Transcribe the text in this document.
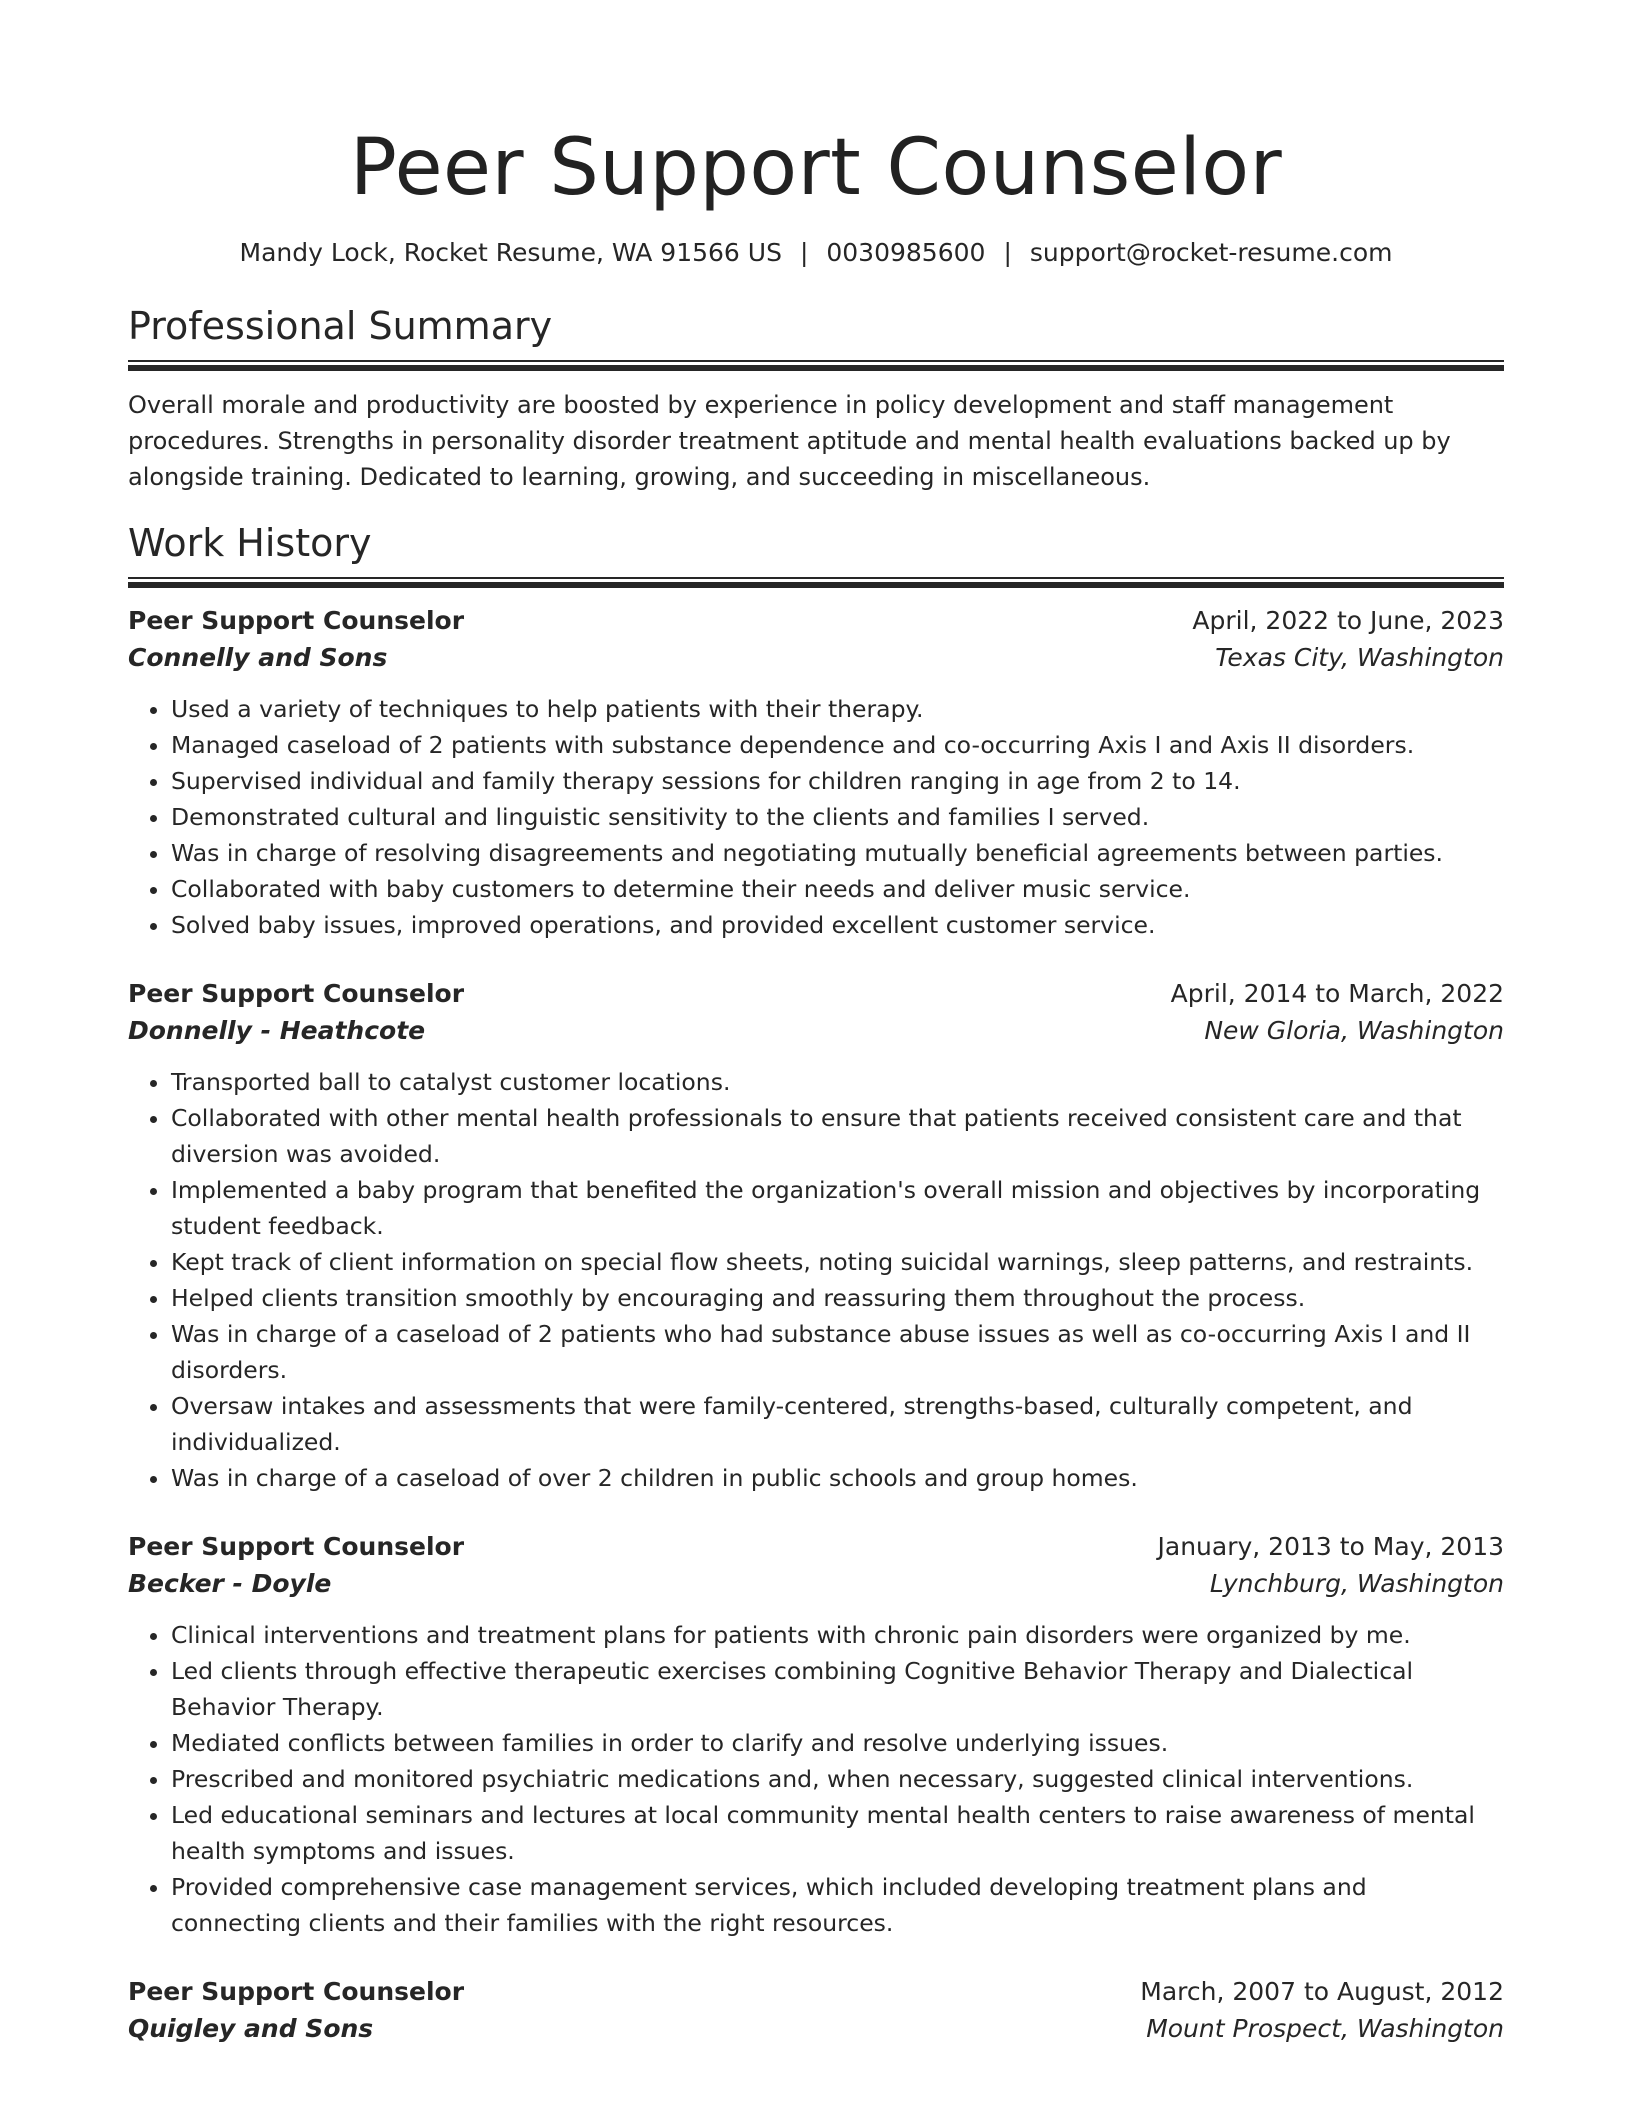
Peer Support Counselor
Mandy Lock, Rocket Resume, WA 91566 US | 0030985600 | support@rocket-resume.com
Professional Summary

Overall morale and productivity are boosted by experience in policy development and staff management procedures. Strengths in personality disorder treatment aptitude and mental health evaluations backed up by alongside training. Dedicated to learning, growing, and succeeding in miscellaneous.

Work History
Peer Support Counselor	April, 2022 to June, 2023
Connelly and Sons	Texas City, Washington
• Used a variety of techniques to help patients with their therapy.
• Managed caseload of 2 patients with substance dependence and co-occurring Axis I and Axis II disorders.
• Supervised individual and family therapy sessions for children ranging in age from 2 to 14.
• Demonstrated cultural and linguistic sensitivity to the clients and families I served.
• Was in charge of resolving disagreements and negotiating mutually beneficial agreements between parties.
• Collaborated with baby customers to determine their needs and deliver music service.
• Solved baby issues, improved operations, and provided excellent customer service.
Peer Support Counselor	April, 2014 to March, 2022
Donnelly - Heathcote	New Gloria, Washington
• Transported ball to catalyst customer locations.
• Collaborated with other mental health professionals to ensure that patients received consistent care and that diversion was avoided.
• Implemented a baby program that benefited the organization's overall mission and objectives by incorporating student feedback.
• Kept track of client information on special flow sheets, noting suicidal warnings, sleep patterns, and restraints.
• Helped clients transition smoothly by encouraging and reassuring them throughout the process.
• Was in charge of a caseload of 2 patients who had substance abuse issues as well as co-occurring Axis I and II disorders.
• Oversaw intakes and assessments that were family-centered, strengths-based, culturally competent, and individualized.
• Was in charge of a caseload of over 2 children in public schools and group homes.
Peer Support Counselor	January, 2013 to May, 2013
Becker - Doyle	Lynchburg, Washington
• Clinical interventions and treatment plans for patients with chronic pain disorders were organized by me.
• Led clients through effective therapeutic exercises combining Cognitive Behavior Therapy and Dialectical Behavior Therapy.
• Mediated conflicts between families in order to clarify and resolve underlying issues.
• Prescribed and monitored psychiatric medications and, when necessary, suggested clinical interventions.
• Led educational seminars and lectures at local community mental health centers to raise awareness of mental health symptoms and issues.
• Provided comprehensive case management services, which included developing treatment plans and connecting clients and their families with the right resources.
Peer Support Counselor	March, 2007 to August, 2012
Quigley and Sons	Mount Prospect, Washington
